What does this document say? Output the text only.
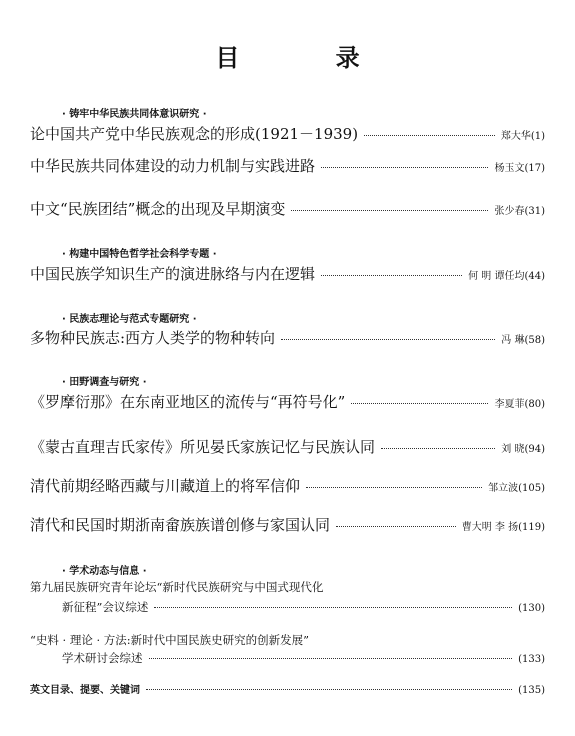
目 录
· 铸牢中华民族共同体意识研究 ·
论中国共产党中华民族观念的形成(1921－1939)	郑大华(1)
中华民族共同体建设的动力机制与实践进路	杨玉文(17)
中文“民族团结”概念的出现及早期演变	张少春(31)
· 构建中国特色哲学社会科学专题 ·
中国民族学知识生产的演进脉络与内在逻辑	何 明 谭任均(44)
· 民族志理论与范式专题研究 ·
多物种民族志:西方人类学的物种转向	冯 琳(58)
· 田野调查与研究 ·
《罗摩衍那》在东南亚地区的流传与“再符号化”	李夏菲(80)
《蒙古直理吉氏家传》所见晏氏家族记忆与民族认同	刘 晓(94)
清代前期经略西藏与川藏道上的将军信仰	邹立波(105)
清代和民国时期浙南畲族族谱创修与家国认同	曹大明 李 扬(119)
· 学术动态与信息 ·
第九届民族研究青年论坛“新时代民族研究与中国式现代化
新征程”会议综述	(130)
“史料 · 理论 · 方法:新时代中国民族史研究的创新发展”
学术研讨会综述	(133)
英文目录、提要、关键词	(135)
